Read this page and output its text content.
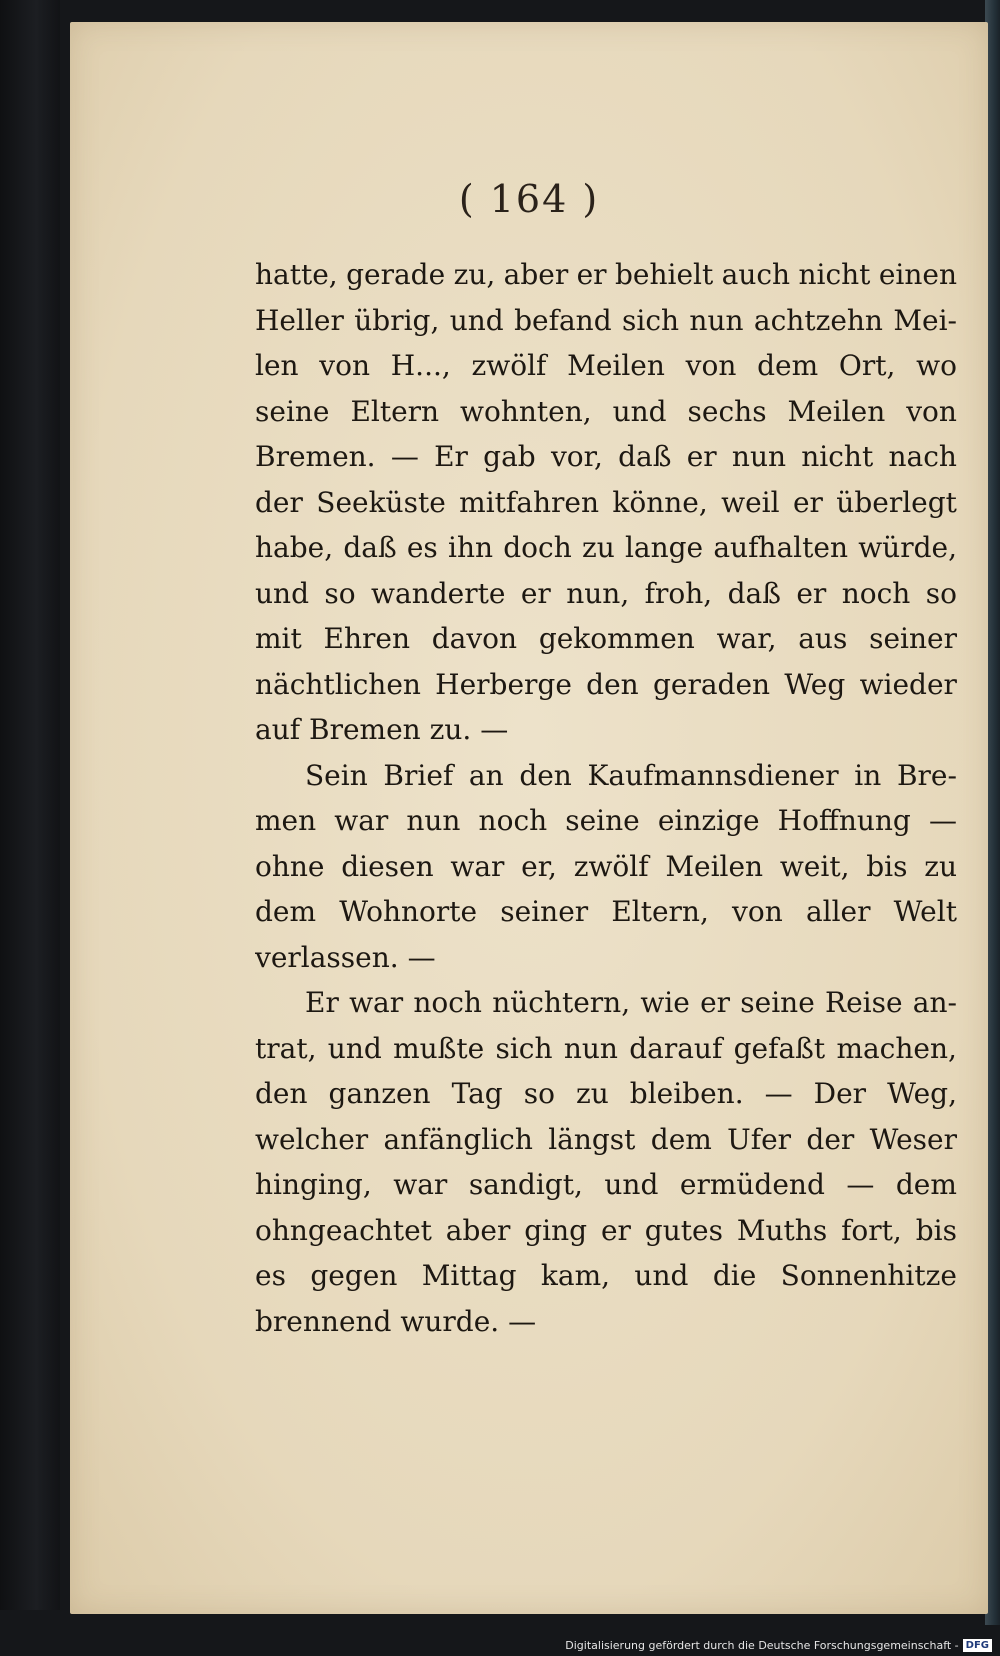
( 164 )
hatte, gerade zu, aber er behielt auch nicht einen
Heller übrig, und befand sich nun achtzehn Mei-
len von H..., zwölf Meilen von dem Ort, wo
seine Eltern wohnten, und sechs Meilen von
Bremen. — Er gab vor, daß er nun nicht nach
der Seeküste mitfahren könne, weil er überlegt
habe, daß es ihn doch zu lange aufhalten würde,
und so wanderte er nun, froh, daß er noch so
mit Ehren davon gekommen war, aus seiner
nächtlichen Herberge den geraden Weg wieder
auf
Bremen
zu.
—
Sein Brief an den Kaufmannsdiener in Bre-
men war nun noch seine einzige Hoffnung —
ohne diesen war er, zwölf Meilen weit, bis zu
dem Wohnorte seiner Eltern, von aller Welt
verlassen.
—
Er war noch nüchtern, wie er seine Reise an-
trat, und mußte sich nun darauf gefaßt machen,
den ganzen Tag so zu bleiben. — Der Weg,
welcher anfänglich längst dem Ufer der Weser
hinging, war sandigt, und ermüdend — dem
ohngeachtet aber ging er gutes Muths fort, bis
es gegen Mittag kam, und die Sonnenhitze
brennend
wurde.
—
Digitalisierung gefördert durch die Deutsche Forschungsgemeinschaft - DFG
